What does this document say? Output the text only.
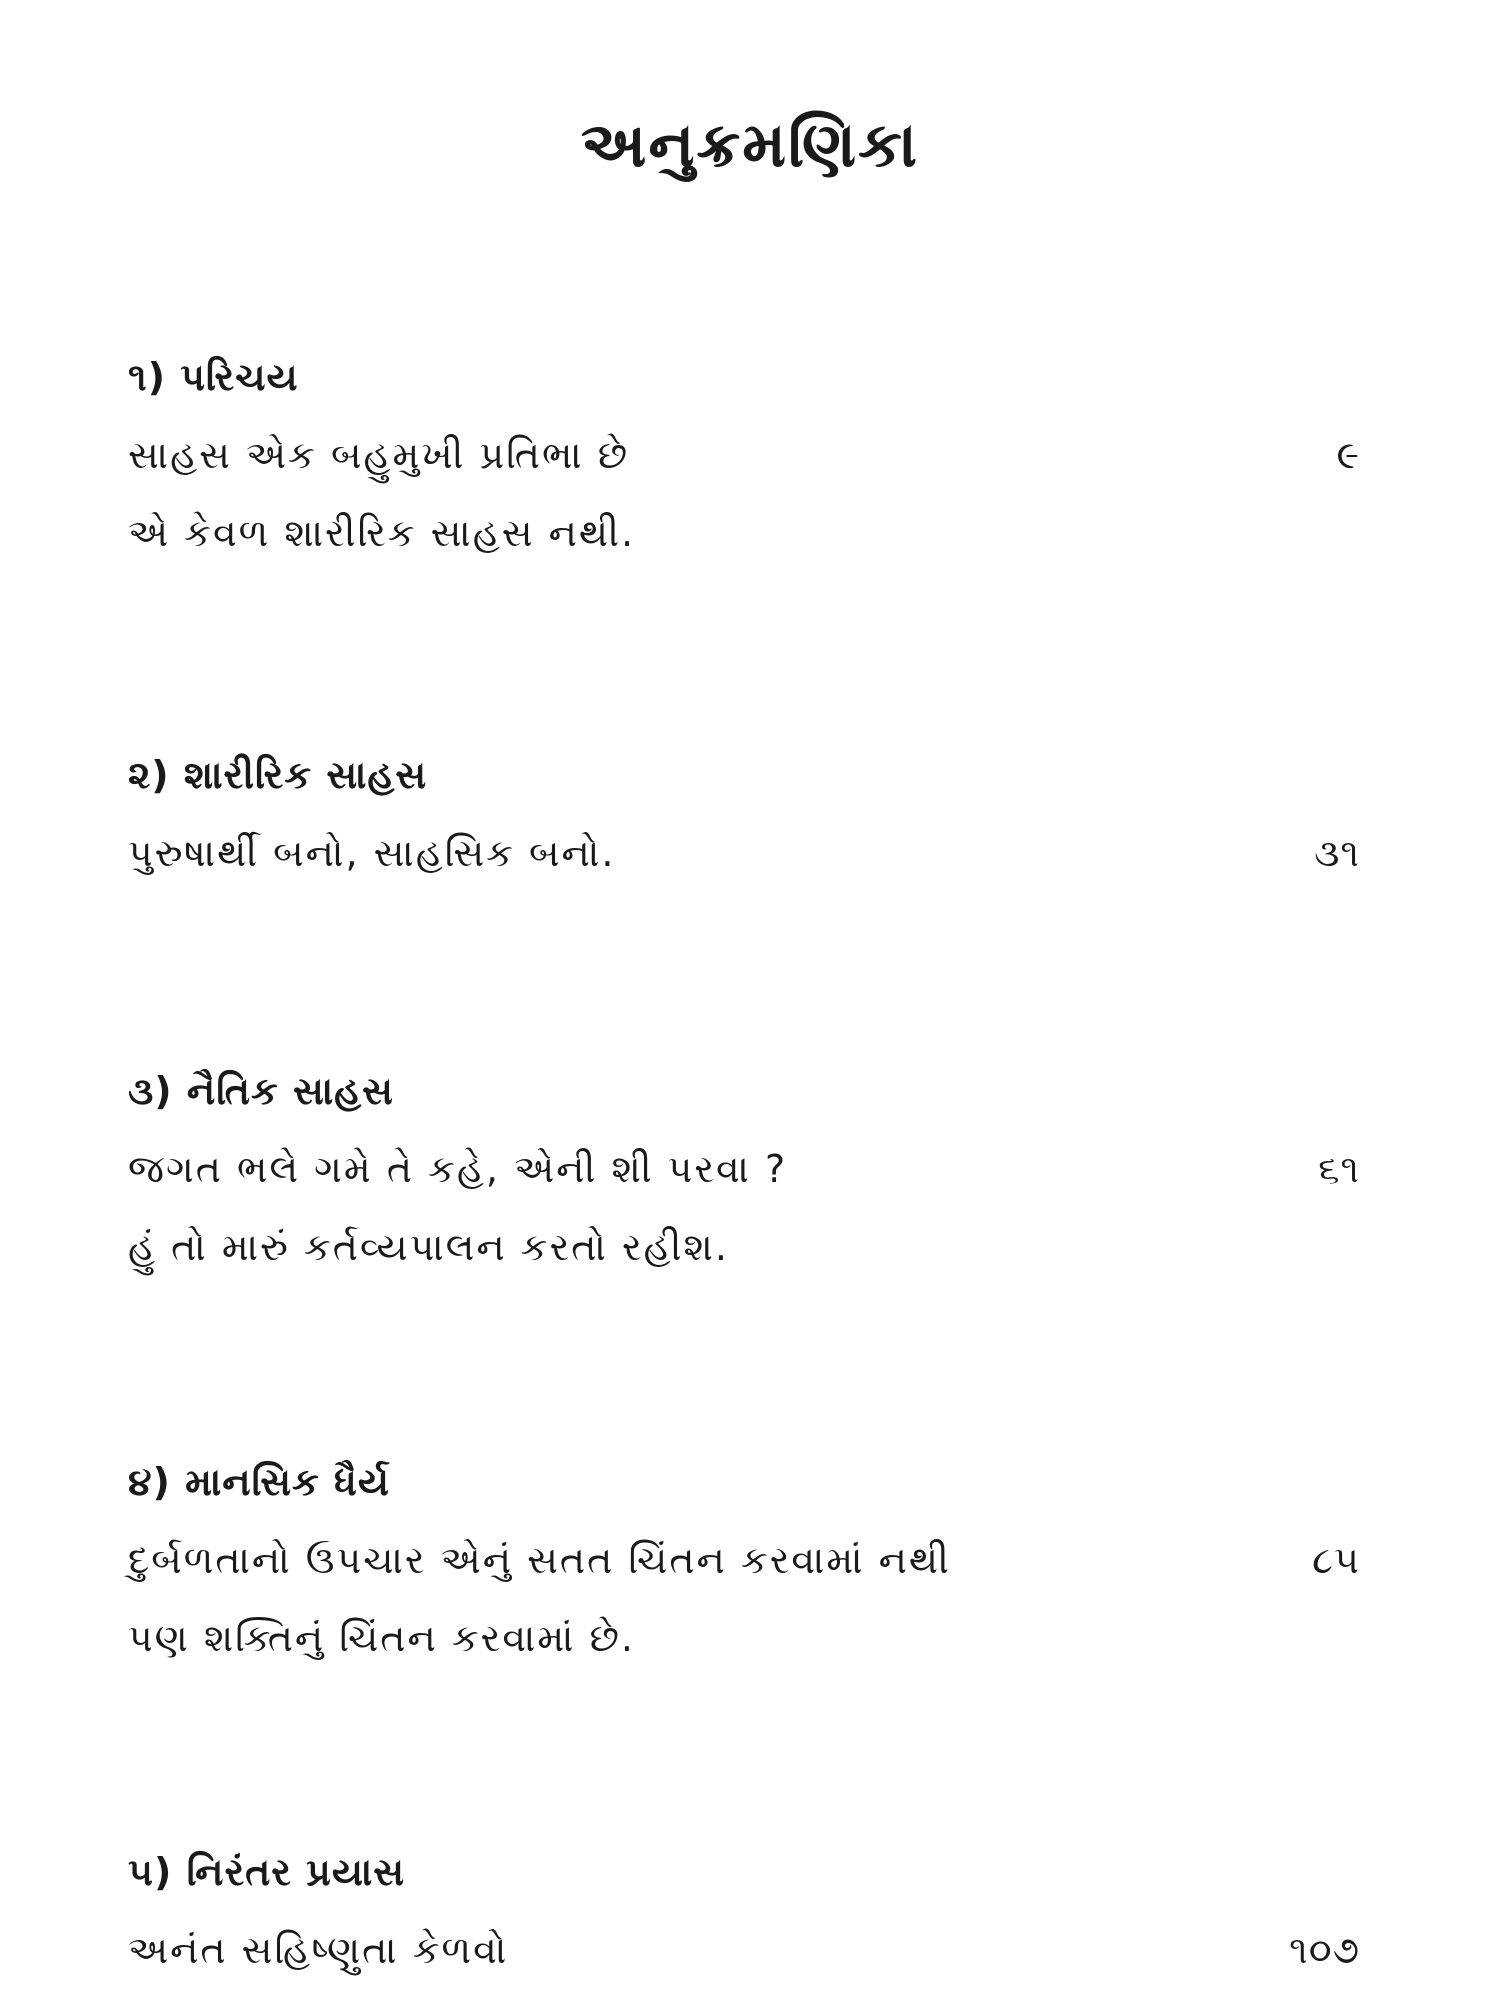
અનુક્રમણિકા
૧) પરિચય
સાહસ એક બહુમુખી પ્રતિભા છે	૯
એ કેવળ શારીરિક સાહસ નથી.
૨) શારીરિક સાહસ
પુરુષાર્થી બનો, સાહસિક બનો.	૩૧
૩) નૈતિક સાહસ
જગત ભલે ગમે તે કહે, એની શી પરવા ?	૬૧
હું તો મારું કર્તવ્યપાલન કરતો રહીશ.
૪) માનસિક ધૈર્ય
દુર્બળતાનો ઉપચાર એનું સતત ચિંતન કરવામાં નથી	૮૫
પણ શક્તિનું ચિંતન કરવામાં છે.
૫) નિરંતર પ્રયાસ
અનંત સહિષ્ણુતા કેળવો	૧૦૭
